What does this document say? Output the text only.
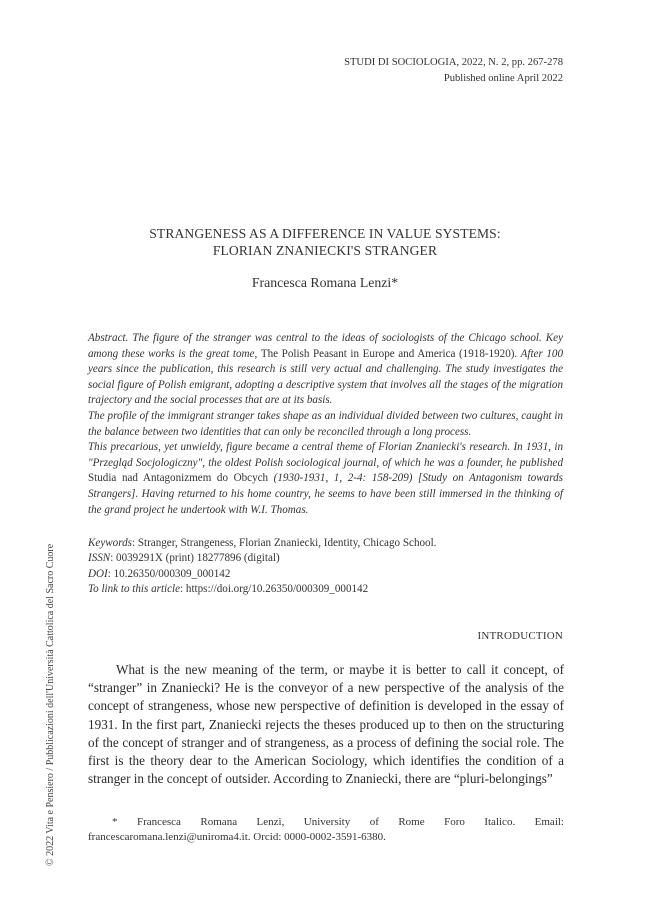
STUDI DI SOCIOLOGIA, 2022, N. 2, pp. 267-278
Published online April 2022
STRANGENESS AS A DIFFERENCE IN VALUE SYSTEMS:
FLORIAN ZNANIECKI'S STRANGER
Francesca Romana Lenzi*

Abstract. The figure of the stranger was central to the ideas of sociologists of the Chicago school. Key among these works is the great tome, The Polish Peasant in Europe and America (1918-1920). After 100 years since the publication, this research is still very actual and challenging. The study investigates the social figure of Polish emigrant, adopting a descriptive system that involves all the stages of the migration trajectory and the social processes that are at its basis.

The profile of the immigrant stranger takes shape as an individual divided between two cultures, caught in the balance between two identities that can only be reconciled through a long process.

This precarious, yet unwieldy, figure became a central theme of Florian Znaniecki's research. In 1931, in "Przegląd Socjologiczny", the oldest Polish sociological journal, of which he was a founder, he published Studia nad Antagonizmem do Obcych (1930-1931, 1, 2-4: 158-209) [Study on Antagonism towards Strangers]. Having returned to his home country, he seems to have been still immersed in the thinking of the grand project he undertook with W.I. Thomas.

Keywords: Stranger, Strangeness, Florian Znaniecki, Identity, Chicago School.
ISSN: 0039291X (print) 18277896 (digital)
DOI: 10.26350/000309_000142
To link to this article: https://doi.org/10.26350/000309_000142
INTRODUCTION

What is the new meaning of the term, or maybe it is better to call it concept, of “stranger” in Znaniecki? He is the conveyor of a new perspective of the analysis of the concept of strangeness, whose new perspective of definition is developed in the essay of 1931. In the first part, Znaniecki rejects the theses produced up to then on the structuring of the concept of stranger and of strangeness, as a process of defining the social role. The first is the theory dear to the American Sociology, which identifies the condition of a stranger in the concept of outsider. According to Znaniecki, there are “pluri-belongings”

* Francesca Romana Lenzi, University of Rome Foro Italico. Email: francescaromana.lenzi@uniroma4.it. Orcid: 0000-0002-3591-6380.

© 2022 Vita e Pensiero / Pubblicazioni dell'Università Cattolica del Sacro Cuore
